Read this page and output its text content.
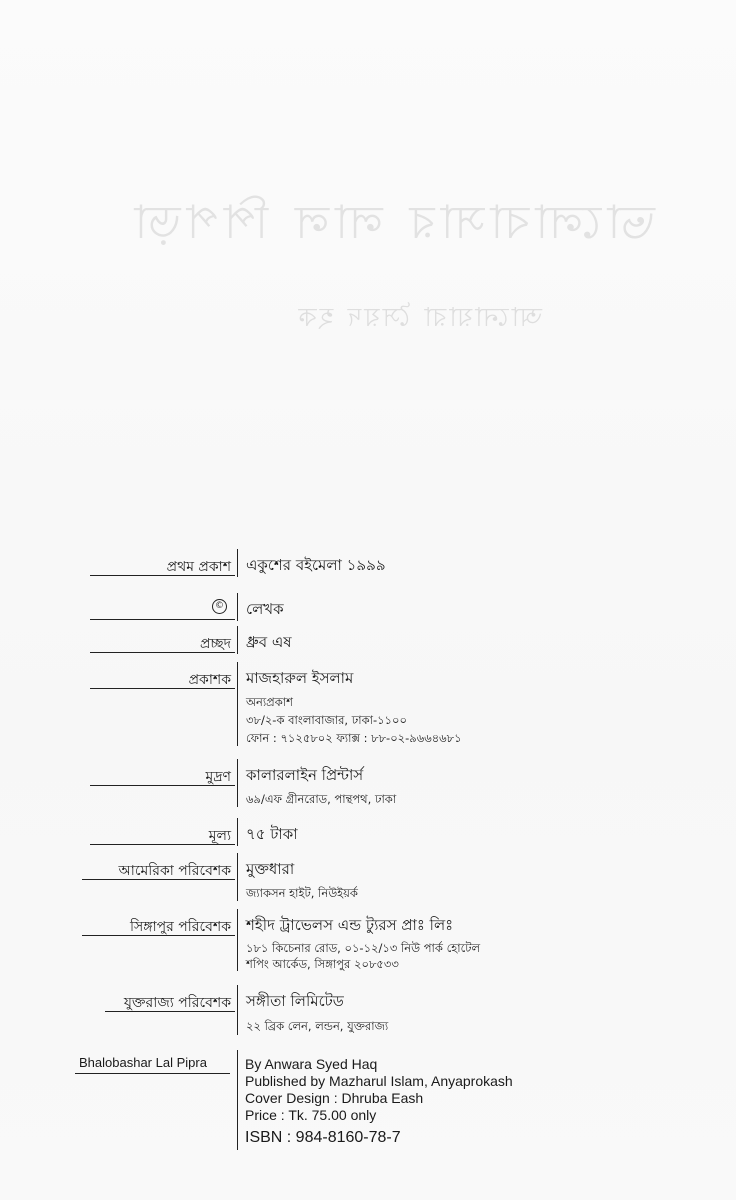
ভালোবাসার লাল পিপড়া
আনোয়ারা সৈয়দ হক
প্রথম প্রকাশ একুশের বইমেলা ১৯৯৯
© লেখক
প্রচ্ছদ ধ্রুব এষ
প্রকাশক মাজহারুল ইসলাম
অন্যপ্রকাশ
৩৮/২-ক বাংলাবাজার, ঢাকা-১১০০
ফোন : ৭১২৫৮০২ ফ্যাক্স : ৮৮-০২-৯৬৬৪৬৮১
মুদ্রণ কালারলাইন প্রিন্টার্স
৬৯/এফ গ্রীনরোড, পান্থপথ, ঢাকা
মূল্য ৭৫ টাকা
আমেরিকা পরিবেশক মুক্তধারা
জ্যাকসন হাইট, নিউইয়র্ক
সিঙ্গাপুর পরিবেশক শহীদ ট্রাভেলস এন্ড ট্যুরস প্রাঃ লিঃ
১৮১ কিচেনার রোড, ০১-১২/১৩ নিউ পার্ক হোটেল
শপিং আর্কেড, সিঙ্গাপুর ২০৮৫৩৩
যুক্তরাজ্য পরিবেশক সঙ্গীতা লিমিটেড
২২ ব্রিক লেন, লন্ডন, যুক্তরাজ্য
Bhalobashar Lal Pipra	By Anwara Syed Haq
Published by Mazharul Islam, Anyaprokash
Cover Design : Dhruba Eash
Price : Tk. 75.00 only
ISBN : 984-8160-78-7
